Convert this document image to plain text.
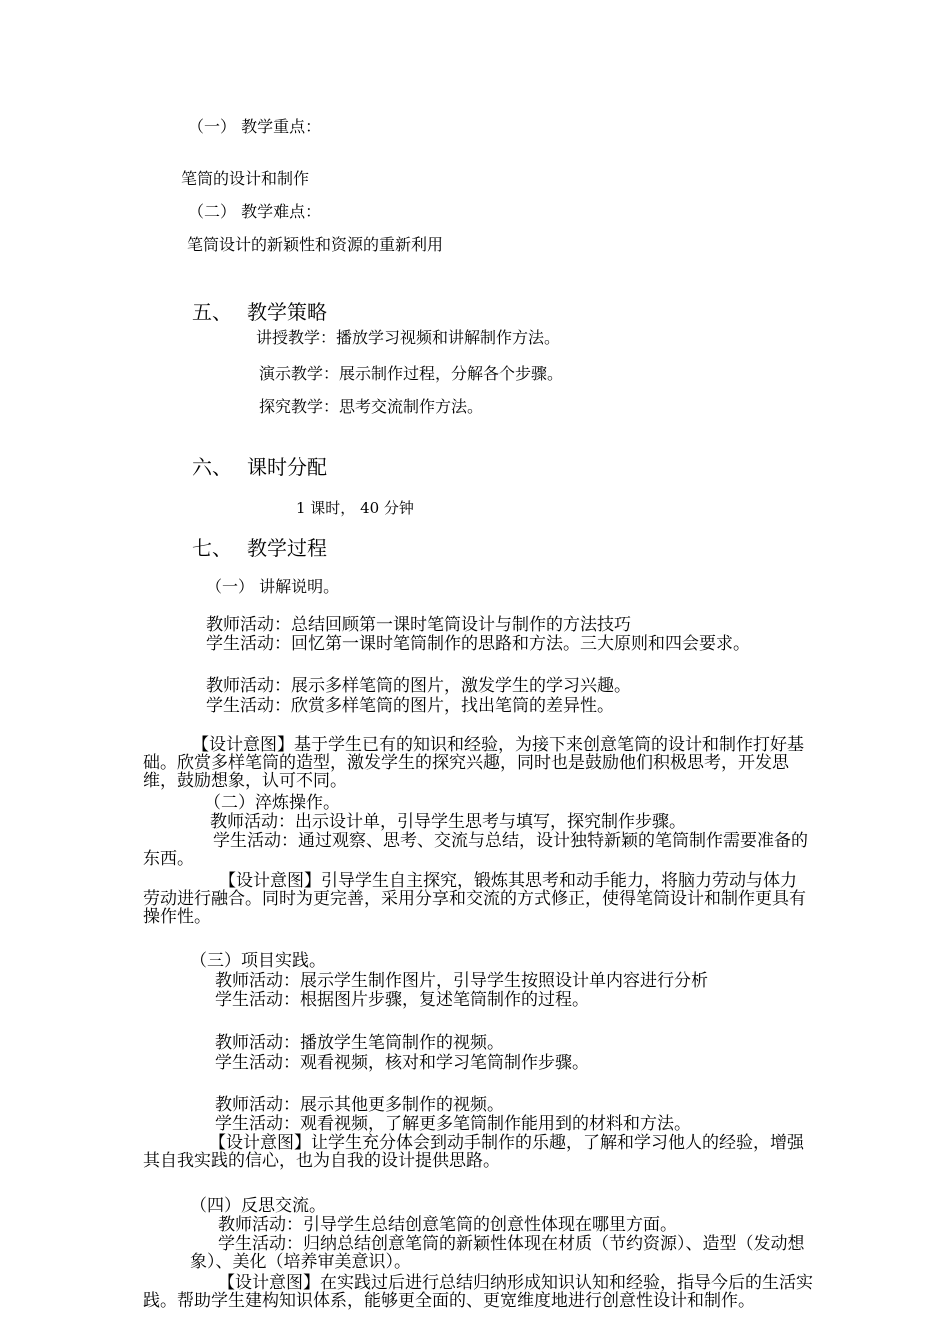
（一） 教学重点：
笔筒的设计和制作
（二） 教学难点：
笔筒设计的新颖性和资源的重新利用
五、 教学策略
讲授教学：播放学习视频和讲解制作方法。
演示教学：展示制作过程，分解各个步骤。
探究教学：思考交流制作方法。
六、 课时分配
1 课时， 40 分钟
七、 教学过程
（一） 讲解说明。
教师活动：总结回顾第一课时笔筒设计与制作的方法技巧
学生活动：回忆第一课时笔筒制作的思路和方法。三大原则和四会要求。
教师活动：展示多样笔筒的图片，激发学生的学习兴趣。
学生活动：欣赏多样笔筒的图片，找出笔筒的差异性。
【设计意图】基于学生已有的知识和经验，为接下来创意笔筒的设计和制作打好基础。欣赏多样笔筒的造型，激发学生的探究兴趣，同时也是鼓励他们积极思考，开发思维，鼓励想象，认可不同。
（二）淬炼操作。
教师活动：出示设计单，引导学生思考与填写，探究制作步骤。
学生活动：通过观察、思考、交流与总结，设计独特新颖的笔筒制作需要准备的东西。
【设计意图】引导学生自主探究，锻炼其思考和动手能力，将脑力劳动与体力劳动进行融合。同时为更完善，采用分享和交流的方式修正，使得笔筒设计和制作更具有操作性。
（三）项目实践。
教师活动：展示学生制作图片，引导学生按照设计单内容进行分析
学生活动：根据图片步骤，复述笔筒制作的过程。
教师活动：播放学生笔筒制作的视频。
学生活动：观看视频，核对和学习笔筒制作步骤。
教师活动：展示其他更多制作的视频。
学生活动：观看视频，了解更多笔筒制作能用到的材料和方法。
【设计意图】让学生充分体会到动手制作的乐趣，了解和学习他人的经验，增强其自我实践的信心，也为自我的设计提供思路。
（四）反思交流。
教师活动：引导学生总结创意笔筒的创意性体现在哪里方面。
学生活动：归纳总结创意笔筒的新颖性体现在材质（节约资源）、造型（发动想象）、美化（培养审美意识）。
【设计意图】在实践过后进行总结归纳形成知识认知和经验，指导今后的生活实践。帮助学生建构知识体系，能够更全面的、更宽维度地进行创意性设计和制作。
